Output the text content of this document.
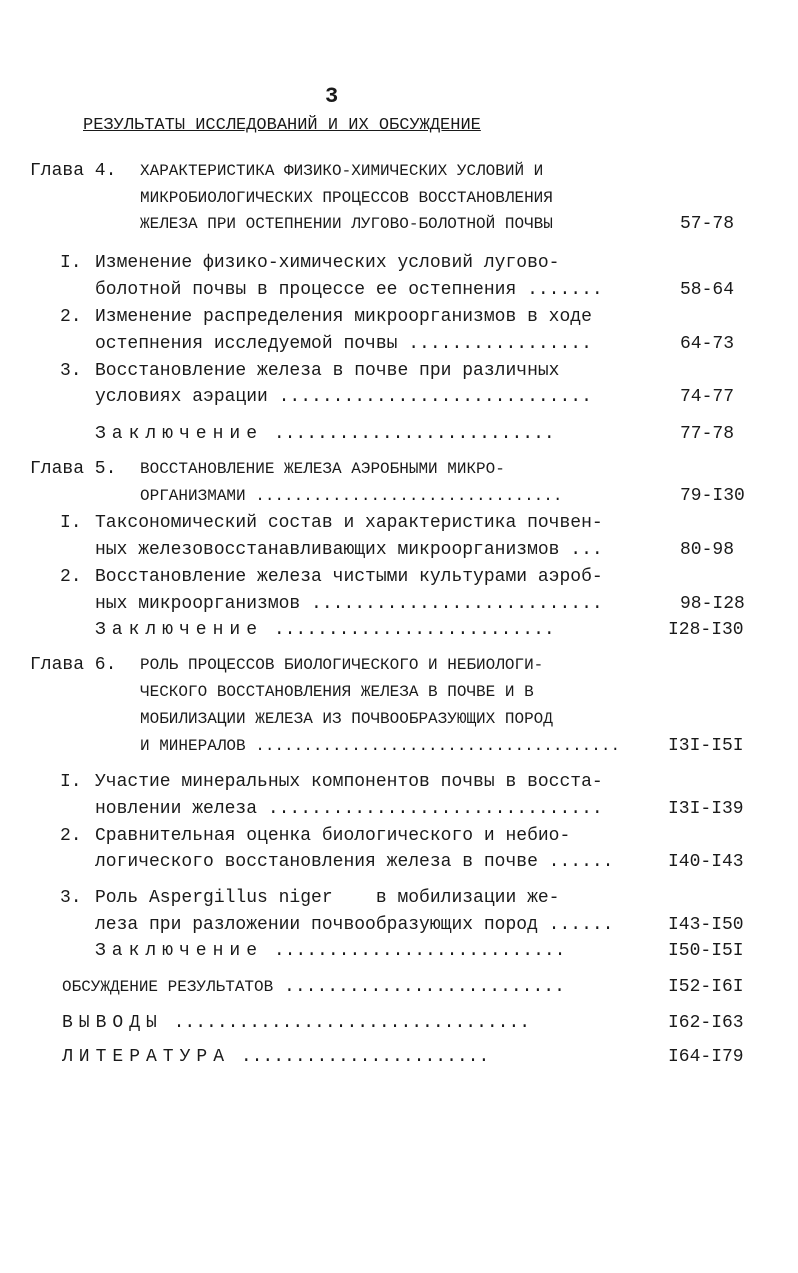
3
РЕЗУЛЬТАТЫ ИССЛЕДОВАНИЙ И ИХ ОБСУЖДЕНИЕ
Глава 4. ХАРАКТЕРИСТИКА ФИЗИКО-ХИМИЧЕСКИХ УСЛОВИЙ И
МИКРОБИОЛОГИЧЕСКИХ ПРОЦЕССОВ ВОССТАНОВЛЕНИЯ
ЖЕЛЕЗА ПРИ ОСТЕПНЕНИИ ЛУГОВО-БОЛОТНОЙ ПОЧВЫ	57-78
I. Изменение физико-химических условий лугово-
болотной почвы в процессе ее остепнения .......	58-64
2. Изменение распределения микроорганизмов в ходе
остепнения исследуемой почвы .................	64-73
3. Восстановление железа в почве при различных
условиях аэрации .............................	74-77
Заключение ..........................	77-78
Глава 5. ВОССТАНОВЛЕНИЕ ЖЕЛЕЗА АЭРОБНЫМИ МИКРО-
ОРГАНИЗМАМИ ................................	79-I30
I. Таксономический состав и характеристика почвен-
ных железовосстанавливающих микроорганизмов ...	80-98
2. Восстановление железа чистыми культурами аэроб-
ных микроорганизмов ...........................	98-I28
Заключение ..........................	I28-I30
Глава 6. РОЛЬ ПРОЦЕССОВ БИОЛОГИЧЕСКОГО И НЕБИОЛОГИ-
ЧЕСКОГО ВОССТАНОВЛЕНИЯ ЖЕЛЕЗА В ПОЧВЕ И В
МОБИЛИЗАЦИИ ЖЕЛЕЗА ИЗ ПОЧВООБРАЗУЮЩИХ ПОРОД
И МИНЕРАЛОВ ......................................	I3I-I5I
I. Участие минеральных компонентов почвы в восста-
новлении железа ...............................	I3I-I39
2. Сравнительная оценка биологического и небио-
логического восстановления железа в почве ......	I40-I43
3. Роль Aspergillus niger    в мобилизации же-
леза при разложении почвообразующих пород ......	I43-I50
Заключение ...........................	I50-I5I
ОБСУЖДЕНИЕ РЕЗУЛЬТАТОВ ..........................	I52-I6I
ВЫВОДЫ .................................	I62-I63
ЛИТЕРАТУРА .......................	I64-I79
